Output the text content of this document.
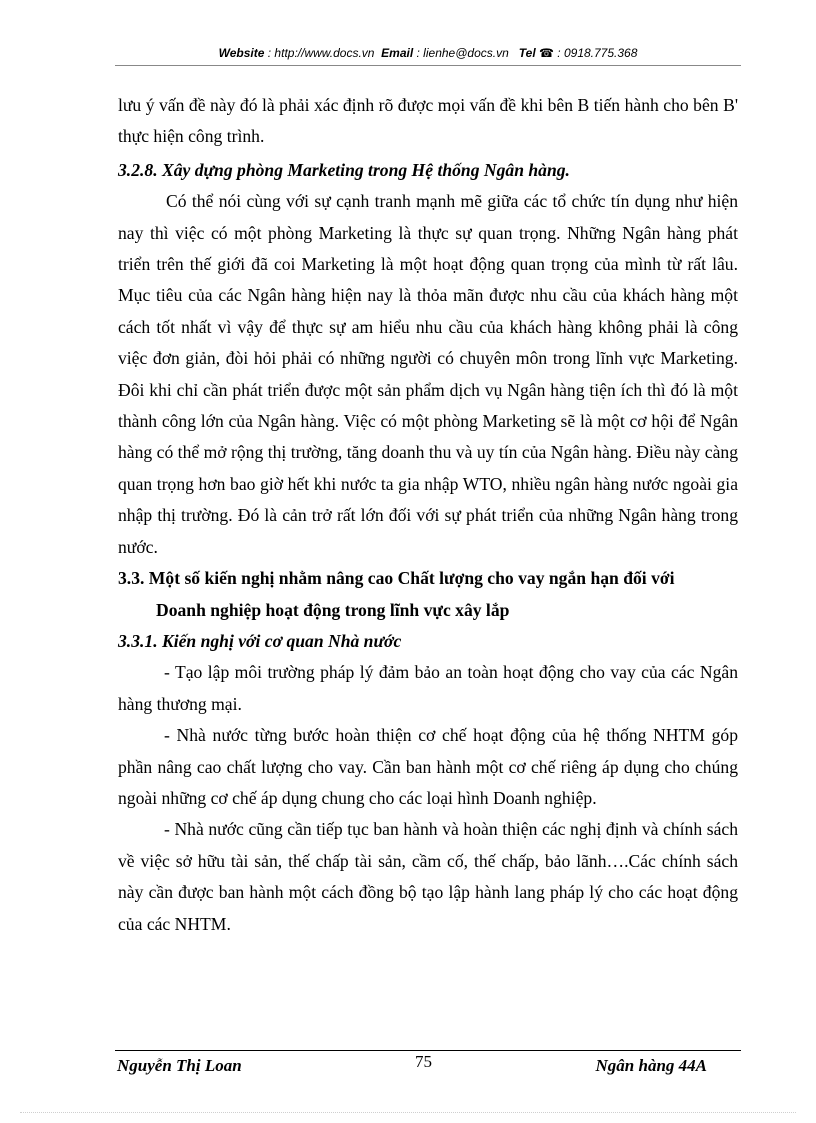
Website : http://www.docs.vn Email : lienhe@docs.vn Tel ☎ : 0918.775.368

lưu ý vấn đề này đó là phải xác định rõ được mọi vấn đề khi bên B tiến hành cho bên B' thực hiện công trình.

3.2.8. Xây dựng phòng Marketing trong Hệ thống Ngân hàng.

Có thể nói cùng với sự cạnh tranh mạnh mẽ giữa các tổ chức tín dụng như hiện nay thì việc có một phòng Marketing là thực sự quan trọng. Những Ngân hàng phát triển trên thế giới đã coi Marketing là một hoạt động quan trọng của mình từ rất lâu. Mục tiêu của các Ngân hàng hiện nay là thỏa mãn được nhu cầu của khách hàng một cách tốt nhất vì vậy để thực sự am hiểu nhu cầu của khách hàng không phải là công việc đơn giản, đòi hỏi phải có những người có chuyên môn trong lĩnh vực Marketing. Đôi khi chỉ cần phát triển được một sản phẩm dịch vụ Ngân hàng tiện ích thì đó là một thành công lớn của Ngân hàng. Việc có một phòng Marketing sẽ là một cơ hội để Ngân hàng có thể mở rộng thị trường, tăng doanh thu và uy tín của Ngân hàng. Điều này càng quan trọng hơn bao giờ hết khi nước ta gia nhập WTO, nhiều ngân hàng nước ngoài gia nhập thị trường. Đó là cản trở rất lớn đối với sự phát triển của những Ngân hàng trong nước.

3.3. Một số kiến nghị nhằm nâng cao Chất lượng cho vay ngắn hạn đối với
Doanh nghiệp hoạt động trong lĩnh vực xây lắp

3.3.1. Kiến nghị với cơ quan Nhà nước

- Tạo lập môi trường pháp lý đảm bảo an toàn hoạt động cho vay của các Ngân hàng thương mại.

- Nhà nước từng bước hoàn thiện cơ chế hoạt động của hệ thống NHTM góp phần nâng cao chất lượng cho vay. Cần ban hành một cơ chế riêng áp dụng cho chúng ngoài những cơ chế áp dụng chung cho các loại hình Doanh nghiệp.

- Nhà nước cũng cần tiếp tục ban hành và hoàn thiện các nghị định và chính sách về việc sở hữu tài sản, thế chấp tài sản, cầm cố, thế chấp, bảo lãnh….Các chính sách này cần được ban hành một cách đồng bộ tạo lập hành lang pháp lý cho các hoạt động của các NHTM.

Nguyễn Thị Loan	75	Ngân hàng 44A
